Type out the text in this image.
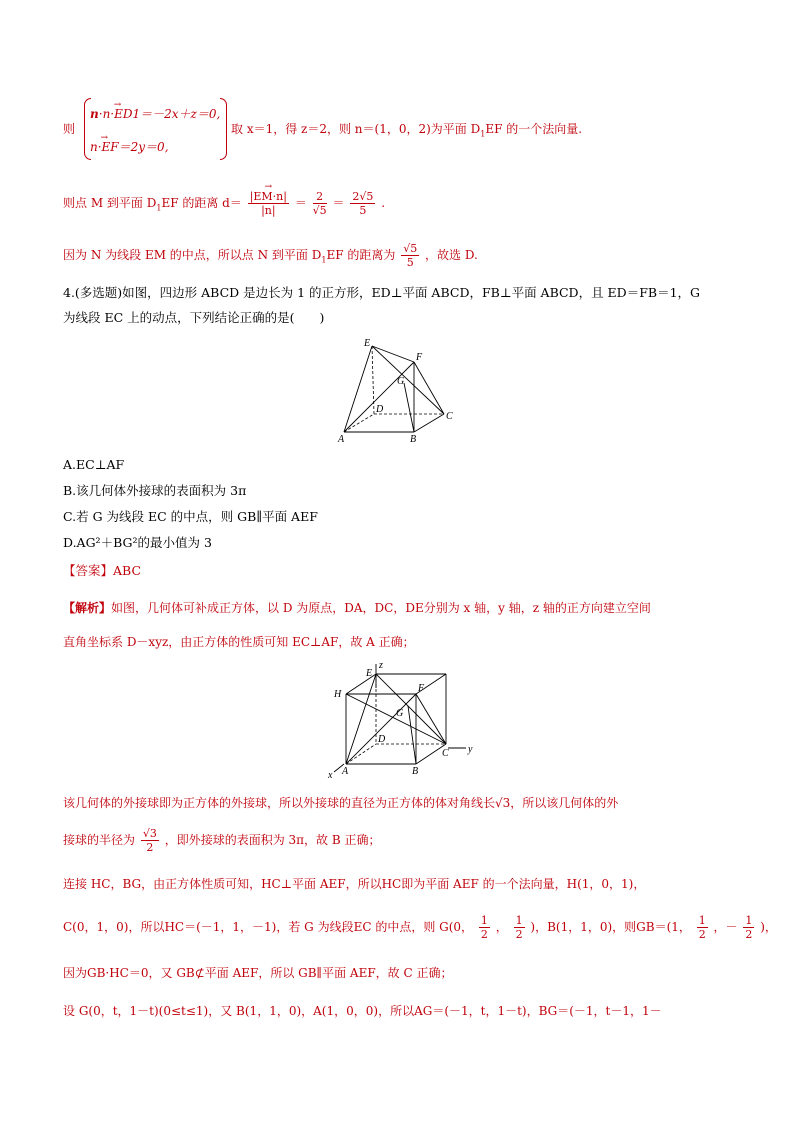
则
n·→ n·ED1＝－2x＋z＝0,
→ n·EF＝2y＝0,
取 x＝1，得 z＝2，则 n＝(1，0，2)为平面 $D_1EF$ 的一个法向量.
则点 M 到平面 $D_1EF$ 的距离 d＝
→ $\frac{|EM\cdot n|}{|n|} = \frac{2}{√5} = \frac{2√5}{5}$ .
因为 N 为线段 EM 的中点，所以点 N 到平面 $D_1EF$ 的距离为 $\frac{√5}{5}$ ，故选 D.
4.(多选题)如图，四边形 ABCD 是边长为 1 的正方形，ED⊥平面 ABCD，FB⊥平面 ABCD，且 ED＝FB＝1，G
为线段 EC 上的动点，下列结论正确的是(　　)
E
F
G
D
C
A	B
A.EC⊥AF
B.该几何体外接球的表面积为 3π
C.若 G 为线段 EC 的中点，则 GB∥平面 AEF
D.AG²＋BG²的最小值为 3
【答案】ABC
【解析】如图，几何体可补成正方体，以 D 为原点，DA，DC，DE分别为 x 轴，y 轴，z 轴的正方向建立空间
直角坐标系 D－xyz，由正方体的性质可知 EC⊥AF，故 A 正确；
z
H
E
F
G
D
C y
A	B
x
该几何体的外接球即为正方体的外接球，所以外接球的直径为正方体的体对角线长√3，所以该几何体的外
接球的半径为 $\frac{√3}{2}$ ，即外接球的表面积为 3π，故 B 正确；
连接 HC，BG，由正方体性质可知，HC⊥平面 AEF，所以HC即为平面 AEF 的一个法向量，H(1，0，1)，
C(0，1，0)，所以HC＝(－1，1，－1)，若 G 为线段EC 的中点，则 G(0， $\frac{1}{2}$ ， $\frac{1}{2}$ )，B(1，1，0)，则GB＝(1， $\frac{1}{2}$ ，－ $\frac{1}{2}$ )，
因为GB·HC＝0，又 GB⊄平面 AEF，所以 GB∥平面 AEF，故 C 正确；
设 G(0，t，1－t)(0≤t≤1)，又 B(1，1，0)，A(1，0，0)，所以AG＝(－1，t，1－t)，BG＝(－1，t－1，1－
